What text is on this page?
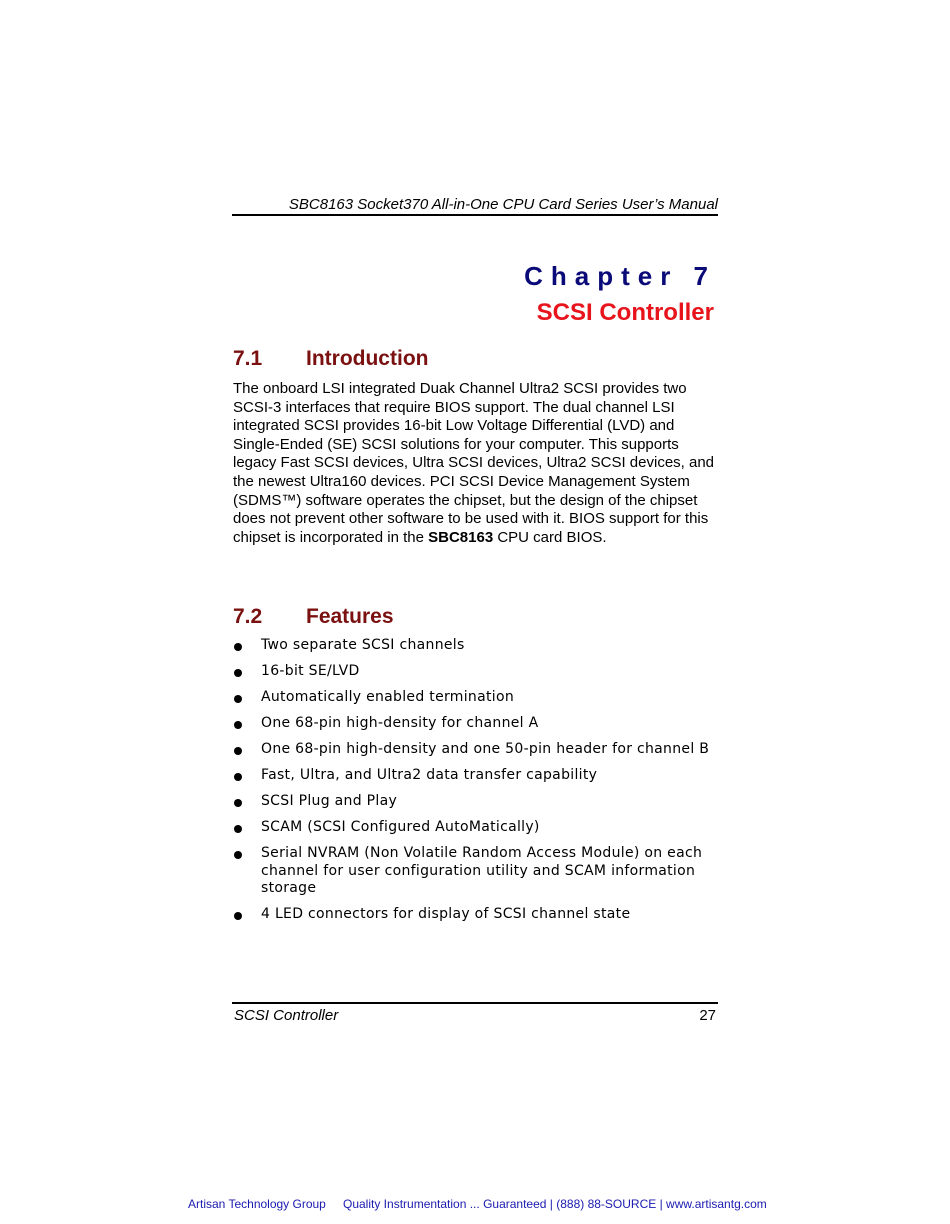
SBC8163 Socket370 All-in-One CPU Card Series User’s Manual
Chapter 7
SCSI Controller
7.1 Introduction

The onboard LSI integrated Duak Channel Ultra2 SCSI provides two SCSI-3 interfaces that require BIOS support. The dual channel LSI integrated SCSI provides 16-bit Low Voltage Differential (LVD) and Single-Ended (SE) SCSI solutions for your computer. This supports legacy Fast SCSI devices, Ultra SCSI devices, Ultra2 SCSI devices, and the newest Ultra160 devices. PCI SCSI Device Management System (SDMS™) software operates the chipset, but the design of the chipset does not prevent other software to be used with it. BIOS support for this chipset is incorporated in the SBC8163 CPU card BIOS.

7.2 Features
Two separate SCSI channels
16-bit SE/LVD
Automatically enabled termination
One 68-pin high-density for channel A
One 68-pin high-density and one 50-pin header for channel B
Fast, Ultra, and Ultra2 data transfer capability
SCSI Plug and Play
SCAM (SCSI Configured AutoMatically)
Serial NVRAM (Non Volatile Random Access Module) on each channel for user configuration utility and SCAM information storage
4 LED connectors for display of SCSI channel state
SCSI Controller	27
Artisan Technology Group Quality Instrumentation ... Guaranteed | (888) 88-SOURCE | www.artisantg.com
